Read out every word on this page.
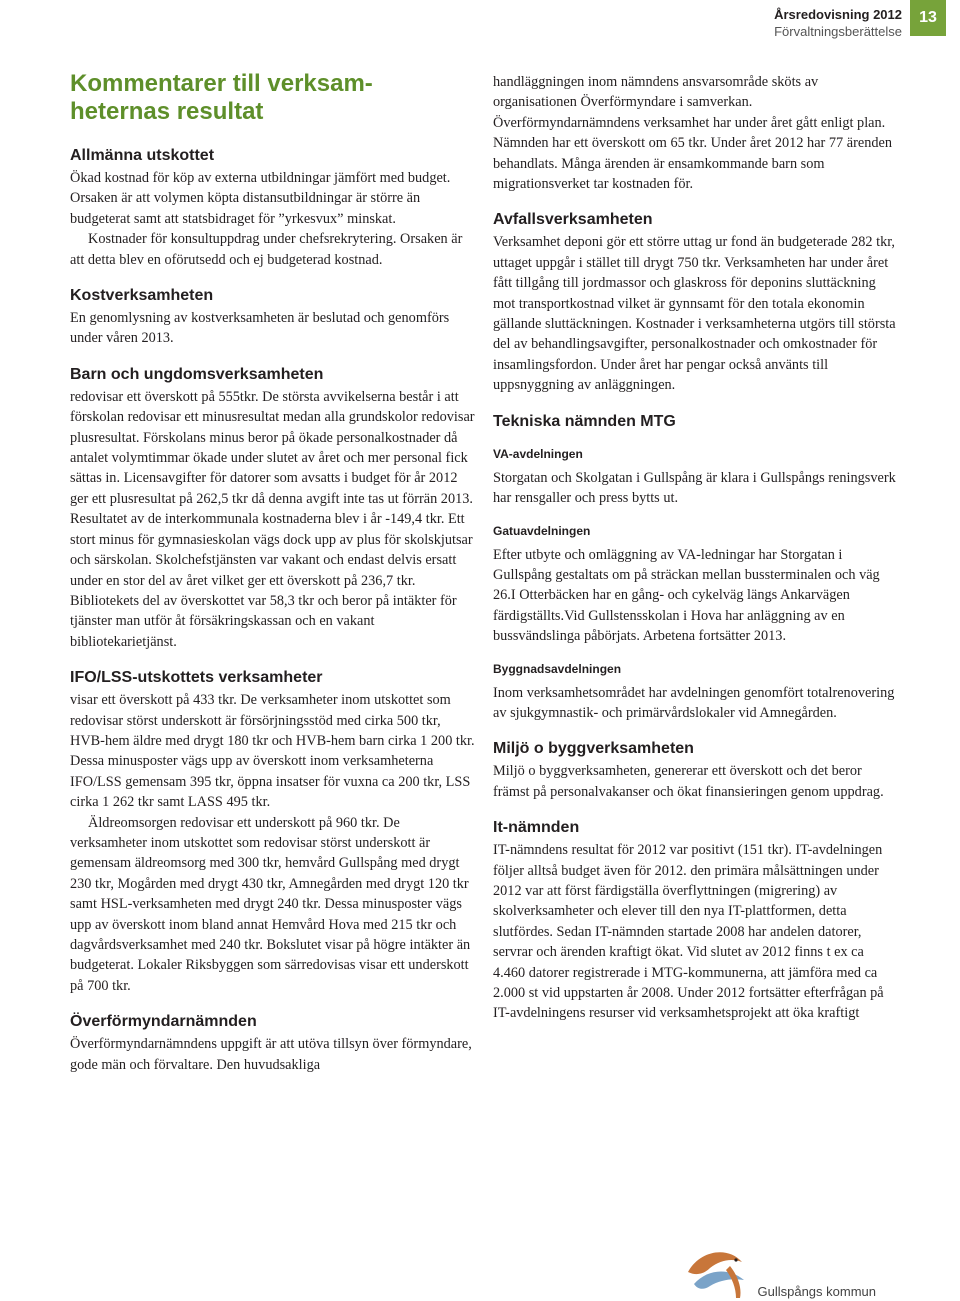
Årsredovisning 2012
Förvaltningsberättelse
13
Kommentarer till verksam-
heternas resultat
Allmänna utskottet

Ökad kostnad för köp av externa utbildningar jämfört med budget. Orsaken är att volymen köpta distansutbildningar är större än budgeterat samt att statsbidraget för ”yrkesvux” minskat.

Kostnader för konsultuppdrag under chefsrekrytering. Orsaken är att detta blev en oförutsedd och ej budgeterad kostnad.

Kostverksamheten

En genomlysning av kostverksamheten är beslutad och genomförs under våren 2013.

Barn och ungdomsverksamheten

redovisar ett överskott på 555tkr. De största avvikelserna består i att förskolan redovisar ett minusresultat medan alla grundskolor redovisar plusresultat. Förskolans minus beror på ökade personalkostnader då antalet volymtimmar ökade under slutet av året och mer personal fick sättas in. Licensavgifter för datorer som avsatts i budget för år 2012 ger ett plusresultat på 262,5 tkr då denna avgift inte tas ut förrän 2013. Resultatet av de interkommunala kostnaderna blev i år -149,4 tkr. Ett stort minus för gymnasieskolan vägs dock upp av plus för skolskjutsar och särskolan. Skolchefstjänsten var vakant och endast delvis ersatt under en stor del av året vilket ger ett överskott på 236,7 tkr. Bibliotekets del av överskottet var 58,3 tkr och beror på intäkter för tjänster man utför åt försäkringskassan och en vakant bibliotekarietjänst.

IFO/LSS-utskottets verksamheter

visar ett överskott på 433 tkr. De verksamheter inom utskottet som redovisar störst underskott är försörjningsstöd med cirka 500 tkr, HVB-hem äldre med drygt 180 tkr och HVB-hem barn cirka 1 200 tkr. Dessa minusposter vägs upp av överskott inom verksamheterna IFO/LSS gemensam 395 tkr, öppna insatser för vuxna ca 200 tkr, LSS cirka 1 262 tkr samt LASS 495 tkr.

Äldreomsorgen redovisar ett underskott på 960 tkr. De verksamheter inom utskottet som redovisar störst underskott är gemensam äldreomsorg med 300 tkr, hemvård Gullspång med drygt 230 tkr, Mogården med drygt 430 tkr, Amnegården med drygt 120 tkr samt HSL-verksamheten med drygt 240 tkr. Dessa minusposter vägs upp av överskott inom bland annat Hemvård Hova med 215 tkr och dagvårdsverksamhet med 240 tkr. Bokslutet visar på högre intäkter än budgeterat. Lokaler Riksbyggen som särredovisas visar ett underskott på 700 tkr.

Överförmyndarnämnden

Överförmyndarnämndens uppgift är att utöva tillsyn över förmyndare, gode män och förvaltare. Den huvudsakliga

handläggningen inom nämndens ansvarsområde sköts av organisationen Överförmyndare i samverkan. Överförmyndarnämndens verksamhet har under året gått enligt plan. Nämnden har ett överskott om 65 tkr. Under året 2012 har 77 ärenden behandlats. Många ärenden är ensamkommande barn som migrationsverket tar kostnaden för.

Avfallsverksamheten

Verksamhet deponi gör ett större uttag ur fond än budgeterade 282 tkr, uttaget uppgår i stället till drygt 750 tkr. Verksamheten har under året fått tillgång till jordmassor och glaskross för deponins sluttäckning mot transportkostnad vilket är gynnsamt för den totala ekonomin gällande sluttäckningen. Kostnader i verksamheterna utgörs till största del av behandlingsavgifter, personalkostnader och omkostnader för insamlingsfordon. Under året har pengar också använts till uppsnyggning av anläggningen.

Tekniska nämnden MTG
VA-avdelningen

Storgatan och Skolgatan i Gullspång är klara i Gullspångs reningsverk har rensgaller och press bytts ut.

Gatuavdelningen

Efter utbyte och omläggning av VA-ledningar har Storgatan i Gullspång gestaltats om på sträckan mellan bussterminalen och väg 26.I Otterbäcken har en gång- och cykelväg längs Ankarvägen färdigställts.Vid Gullstensskolan i Hova har anläggning av en bussvändslinga påbörjats. Arbetena fortsätter 2013.

Byggnadsavdelningen

Inom verksamhetsområdet har avdelningen genomfört totalrenovering av sjukgymnastik- och primärvårdslokaler vid Amnegården.

Miljö o byggverksamheten

Miljö o byggverksamheten, genererar ett överskott och det beror främst på personalvakanser och ökat finansieringen genom uppdrag.

It-nämnden

IT-nämndens resultat för 2012 var positivt (151 tkr). IT-avdelningen följer alltså budget även för 2012. den primära målsättningen under 2012 var att först färdigställa överflyttningen (migrering) av skolverksamheter och elever till den nya IT-plattformen, detta slutfördes. Sedan IT-nämnden startade 2008 har andelen datorer, servrar och ärenden kraftigt ökat. Vid slutet av 2012 finns t ex ca 4.460 datorer registrerade i MTG-kommunerna, att jämföra med ca 2.000 st vid uppstarten år 2008. Under 2012 fortsätter efterfrågan på IT-avdelningens resurser vid verksamhetsprojekt att öka kraftigt

Gullspångs kommun
